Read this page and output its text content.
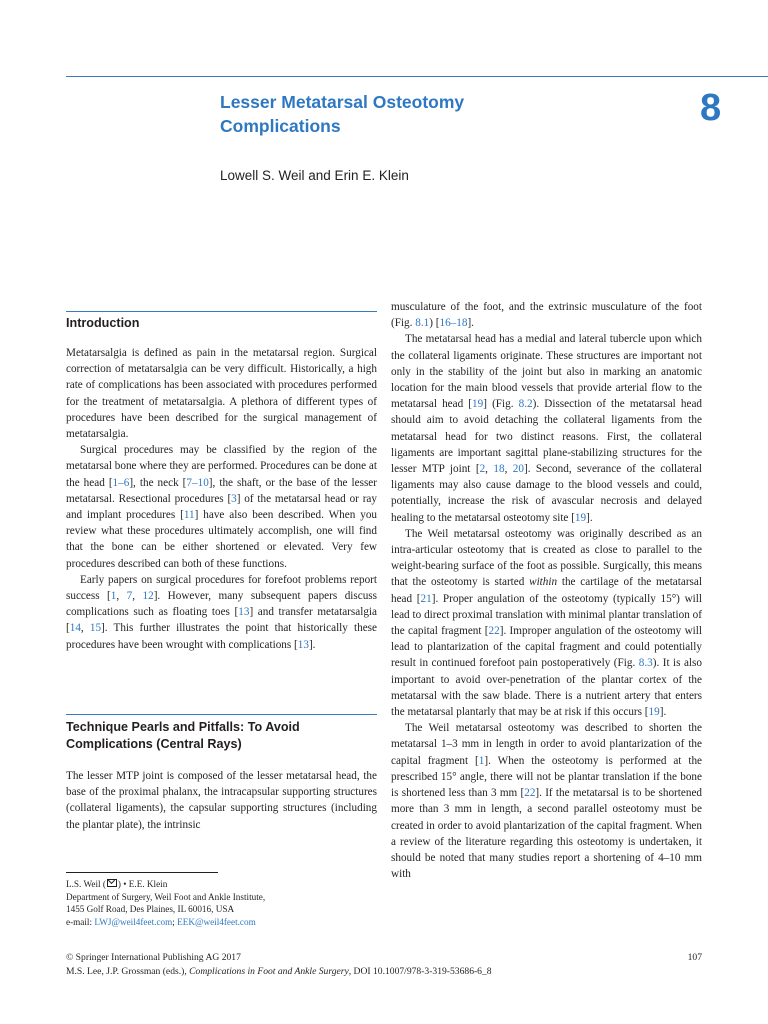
Lesser Metatarsal Osteotomy
Complications	8
Lowell S. Weil and Erin E. Klein
Introduction
Technique Pearls and Pitfalls: To Avoid
Complications (Central Rays)

Metatarsalgia is defined as pain in the metatarsal region. Surgical correction of metatarsalgia can be very difficult. Historically, a high rate of complications has been associated with procedures performed for the treatment of metatarsalgia. A plethora of different types of procedures have been described for the surgical management of metatarsalgia.

Surgical procedures may be classified by the region of the metatarsal bone where they are performed. Procedures can be done at the head [1–6], the neck [7–10], the shaft, or the base of the lesser metatarsal. Resectional procedures [3] of the metatarsal head or ray and implant procedures [11] have also been described. When you review what these procedures ultimately accomplish, one will find that the bone can be either shortened or elevated. Very few procedures described can both of these functions.

Early papers on surgical procedures for forefoot problems report success [1, 7, 12]. However, many subsequent papers discuss complications such as floating toes [13] and transfer metatarsalgia [14, 15]. This further illustrates the point that historically these procedures have been wrought with complications [13].

The lesser MTP joint is composed of the lesser metatarsal head, the base of the proximal phalanx, the intracapsular supporting structures (collateral ligaments), the capsular supporting structures (including the plantar plate), the intrinsic

musculature of the foot, and the extrinsic musculature of the foot (Fig. 8.1) [16–18].

The metatarsal head has a medial and lateral tubercle upon which the collateral ligaments originate. These structures are important not only in the stability of the joint but also in marking an anatomic location for the main blood vessels that provide arterial flow to the metatarsal head [19] (Fig. 8.2). Dissection of the metatarsal head should aim to avoid detaching the collateral ligaments from the metatarsal head for two distinct reasons. First, the collateral ligaments are important sagittal plane-stabilizing structures for the lesser MTP joint [2, 18, 20]. Second, severance of the collateral ligaments may also cause damage to the blood vessels and could, potentially, increase the risk of avascular necrosis and delayed healing to the metatarsal osteotomy site [19].

The Weil metatarsal osteotomy was originally described as an intra-articular osteotomy that is created as close to parallel to the weight-bearing surface of the foot as possible. Surgically, this means that the osteotomy is started within the cartilage of the metatarsal head [21]. Proper angulation of the osteotomy (typically 15°) will lead to direct proximal translation with minimal plantar translation of the capital fragment [22]. Improper angulation of the osteotomy will lead to plantarization of the capital fragment and could potentially result in continued forefoot pain postoperatively (Fig. 8.3). It is also important to avoid over-penetration of the plantar cortex of the metatarsal with the saw blade. There is a nutrient artery that enters the metatarsal plantarly that may be at risk if this occurs [19].

The Weil metatarsal osteotomy was described to shorten the metatarsal 1–3 mm in length in order to avoid plantarization of the capital fragment [1]. When the osteotomy is performed at the prescribed 15° angle, there will not be plantar translation if the bone is shortened less than 3 mm [22]. If the metatarsal is to be shortened more than 3 mm in length, a second parallel osteotomy must be created in order to avoid plantarization of the capital fragment. When a review of the literature regarding this osteotomy is undertaken, it should be noted that many studies report a shortening of 4–10 mm with

L.S. Weil ( ) • E.E. Klein
Department of Surgery, Weil Foot and Ankle Institute,
1455 Golf Road, Des Plaines, IL 60016, USA
e-mail: LWJ@weil4feet.com; EEK@weil4feet.com
© Springer International Publishing AG 2017	107
M.S. Lee, J.P. Grossman (eds.), Complications in Foot and Ankle Surgery, DOI 10.1007/978-3-319-53686-6_8
